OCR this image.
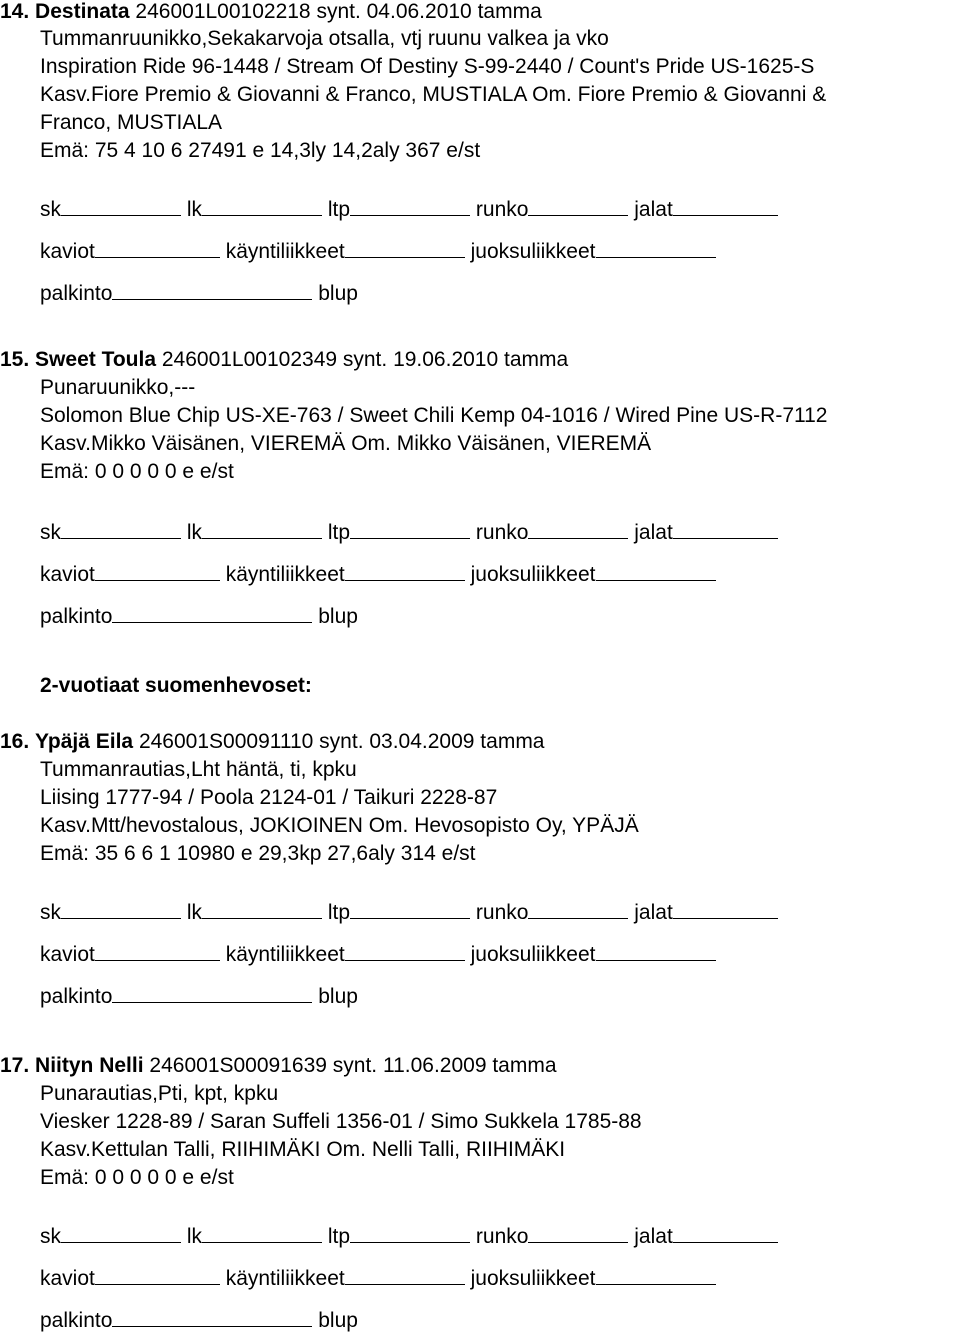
14. Destinata 246001L00102218 synt. 04.06.2010 tamma
Tummanruunikko,Sekakarvoja otsalla, vtj ruunu valkea ja vko
Inspiration Ride 96-1448 / Stream Of Destiny S-99-2440 / Count's Pride US-1625-S
Kasv.Fiore Premio & Giovanni & Franco, MUSTIALA Om. Fiore Premio & Giovanni &
Franco, MUSTIALA
Emä: 75 4 10 6 27491 e 14,3ly 14,2aly 367 e/st
sk	lk	ltp	runko	jalat
kaviot	käyntiliikkeet	juoksuliikkeet
palkinto	blup
15. Sweet Toula 246001L00102349 synt. 19.06.2010 tamma
Punaruunikko,---
Solomon Blue Chip US-XE-763 / Sweet Chili Kemp 04-1016 / Wired Pine US-R-7112
Kasv.Mikko Väisänen, VIEREMÄ Om. Mikko Väisänen, VIEREMÄ
Emä: 0 0 0 0 0 e e/st
sk	lk	ltp	runko	jalat
kaviot	käyntiliikkeet	juoksuliikkeet
palkinto	blup
2-vuotiaat suomenhevoset:
16. Ypäjä Eila 246001S00091110 synt. 03.04.2009 tamma
Tummanrautias,Lht häntä, ti, kpku
Liising 1777-94 / Poola 2124-01 / Taikuri 2228-87
Kasv.Mtt/hevostalous, JOKIOINEN Om. Hevosopisto Oy, YPÄJÄ
Emä: 35 6 6 1 10980 e 29,3kp 27,6aly 314 e/st
sk	lk	ltp	runko	jalat
kaviot	käyntiliikkeet	juoksuliikkeet
palkinto	blup
17. Niityn Nelli 246001S00091639 synt. 11.06.2009 tamma
Punarautias,Pti, kpt, kpku
Viesker 1228-89 / Saran Suffeli 1356-01 / Simo Sukkela 1785-88
Kasv.Kettulan Talli, RIIHIMÄKI Om. Nelli Talli, RIIHIMÄKI
Emä: 0 0 0 0 0 e e/st
sk	lk	ltp	runko	jalat
kaviot	käyntiliikkeet	juoksuliikkeet
palkinto	blup
